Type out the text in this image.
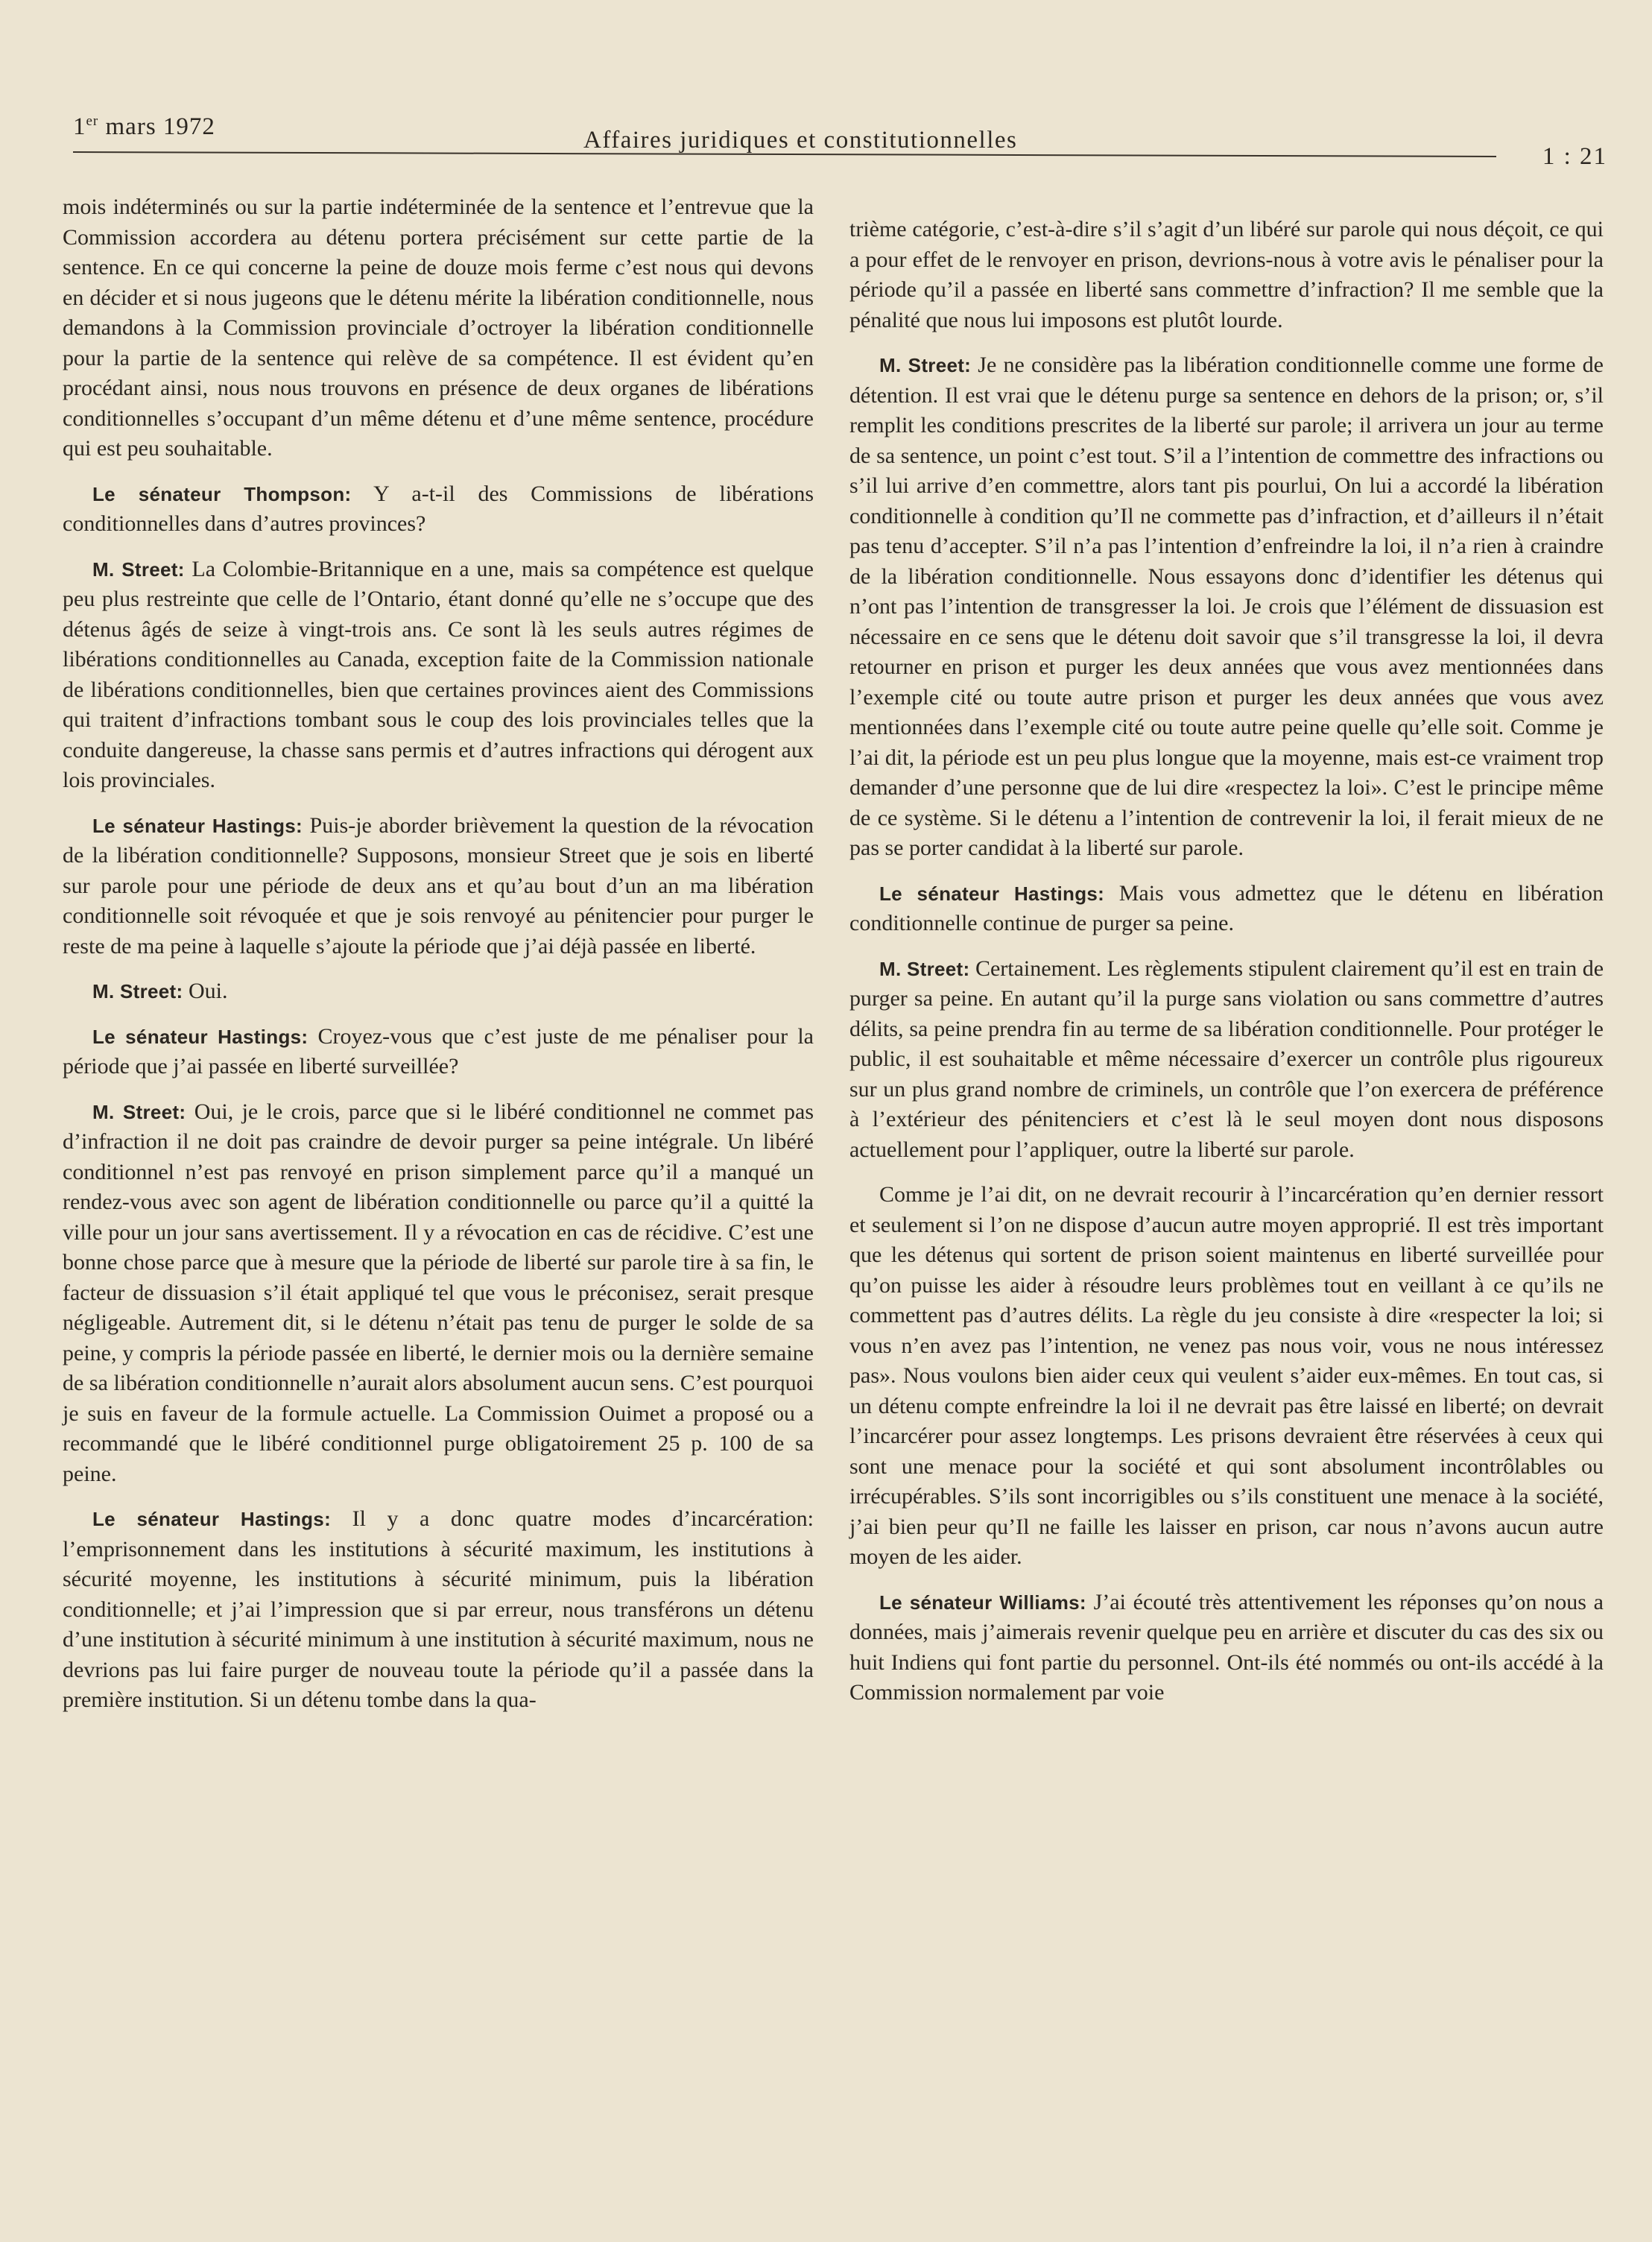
1er mars 1972	Affaires juridiques et constitutionnelles
1 : 21

mois indéterminés ou sur la partie indéterminée de la sentence et l’entrevue que la Commission accordera au détenu portera précisément sur cette partie de la sentence. En ce qui concerne la peine de douze mois ferme c’est nous qui devons en décider et si nous jugeons que le détenu mérite la libération conditionnelle, nous demandons à la Commission provinciale d’octroyer la libération conditionnelle pour la partie de la sentence qui relève de sa compétence. Il est évident qu’en procédant ainsi, nous nous trouvons en présence de deux organes de libérations conditionnelles s’occupant d’un même détenu et d’une même sentence, procédure qui est peu souhaitable.

Le sénateur Thompson: Y a-t-il des Commissions de libérations conditionnelles dans d’autres provinces?

M. Street: La Colombie-Britannique en a une, mais sa compétence est quelque peu plus restreinte que celle de l’Ontario, étant donné qu’elle ne s’occupe que des détenus âgés de seize à vingt-trois ans. Ce sont là les seuls autres régimes de libérations conditionnelles au Canada, exception faite de la Commission nationale de libérations conditionnelles, bien que certaines provinces aient des Commissions qui traitent d’infractions tombant sous le coup des lois provinciales telles que la conduite dangereuse, la chasse sans permis et d’autres infractions qui dérogent aux lois provinciales.

Le sénateur Hastings: Puis-je aborder brièvement la question de la révocation de la libération conditionnelle? Supposons, monsieur Street que je sois en liberté sur parole pour une période de deux ans et qu’au bout d’un an ma libération conditionnelle soit révoquée et que je sois renvoyé au pénitencier pour purger le reste de ma peine à laquelle s’ajoute la période que j’ai déjà passée en liberté.

M. Street: Oui.

Le sénateur Hastings: Croyez-vous que c’est juste de me pénaliser pour la période que j’ai passée en liberté surveillée?

M. Street: Oui, je le crois, parce que si le libéré conditionnel ne commet pas d’infraction il ne doit pas craindre de devoir purger sa peine intégrale. Un libéré conditionnel n’est pas renvoyé en prison simplement parce qu’il a manqué un rendez-vous avec son agent de libération conditionnelle ou parce qu’il a quitté la ville pour un jour sans avertissement. Il y a révocation en cas de récidive. C’est une bonne chose parce que à mesure que la période de liberté sur parole tire à sa fin, le facteur de dissuasion s’il était appliqué tel que vous le préconisez, serait presque négligeable. Autrement dit, si le détenu n’était pas tenu de purger le solde de sa peine, y compris la période passée en liberté, le dernier mois ou la dernière semaine de sa libération conditionnelle n’aurait alors absolument aucun sens. C’est pourquoi je suis en faveur de la formule actuelle. La Commission Ouimet a proposé ou a recommandé que le libéré conditionnel purge obligatoirement 25 p. 100 de sa peine.

Le sénateur Hastings: Il y a donc quatre modes d’incarcération: l’emprisonnement dans les institutions à sécurité maximum, les institutions à sécurité moyenne, les institutions à sécurité minimum, puis la libération conditionnelle; et j’ai l’impression que si par erreur, nous transférons un détenu d’une institution à sécurité minimum à une institution à sécurité maximum, nous ne devrions pas lui faire purger de nouveau toute la période qu’il a passée dans la première institution. Si un détenu tombe dans la qua-

trième catégorie, c’est-à-dire s’il s’agit d’un libéré sur parole qui nous déçoit, ce qui a pour effet de le renvoyer en prison, devrions-nous à votre avis le pénaliser pour la période qu’il a passée en liberté sans commettre d’infraction? Il me semble que la pénalité que nous lui imposons est plutôt lourde.

M. Street: Je ne considère pas la libération conditionnelle comme une forme de détention. Il est vrai que le détenu purge sa sentence en dehors de la prison; or, s’il remplit les conditions prescrites de la liberté sur parole; il arrivera un jour au terme de sa sentence, un point c’est tout. S’il a l’intention de commettre des infractions ou s’il lui arrive d’en commettre, alors tant pis pourlui, On lui a accordé la libération conditionnelle à condition qu’Il ne commette pas d’infraction, et d’ailleurs il n’était pas tenu d’accepter. S’il n’a pas l’intention d’enfreindre la loi, il n’a rien à craindre de la libération conditionnelle. Nous essayons donc d’identifier les détenus qui n’ont pas l’intention de transgresser la loi. Je crois que l’élément de dissuasion est nécessaire en ce sens que le détenu doit savoir que s’il transgresse la loi, il devra retourner en prison et purger les deux années que vous avez mentionnées dans l’exemple cité ou toute autre prison et purger les deux années que vous avez mentionnées dans l’exemple cité ou toute autre peine quelle qu’elle soit. Comme je l’ai dit, la période est un peu plus longue que la moyenne, mais est-ce vraiment trop demander d’une personne que de lui dire «respectez la loi». C’est le principe même de ce système. Si le détenu a l’intention de contrevenir la loi, il ferait mieux de ne pas se porter candidat à la liberté sur parole.

Le sénateur Hastings: Mais vous admettez que le détenu en libération conditionnelle continue de purger sa peine.

M. Street: Certainement. Les règlements stipulent clairement qu’il est en train de purger sa peine. En autant qu’il la purge sans violation ou sans commettre d’autres délits, sa peine prendra fin au terme de sa libération conditionnelle. Pour protéger le public, il est souhaitable et même nécessaire d’exercer un contrôle plus rigoureux sur un plus grand nombre de criminels, un contrôle que l’on exercera de préférence à l’extérieur des pénitenciers et c’est là le seul moyen dont nous disposons actuellement pour l’appliquer, outre la liberté sur parole.

Comme je l’ai dit, on ne devrait recourir à l’incarcération qu’en dernier ressort et seulement si l’on ne dispose d’aucun autre moyen approprié. Il est très important que les détenus qui sortent de prison soient maintenus en liberté surveillée pour qu’on puisse les aider à résoudre leurs problèmes tout en veillant à ce qu’ils ne commettent pas d’autres délits. La règle du jeu consiste à dire «respecter la loi; si vous n’en avez pas l’intention, ne venez pas nous voir, vous ne nous intéressez pas». Nous voulons bien aider ceux qui veulent s’aider eux-mêmes. En tout cas, si un détenu compte enfreindre la loi il ne devrait pas être laissé en liberté; on devrait l’incarcérer pour assez longtemps. Les prisons devraient être réservées à ceux qui sont une menace pour la société et qui sont absolument incontrôlables ou irrécupérables. S’ils sont incorrigibles ou s’ils constituent une menace à la société, j’ai bien peur qu’Il ne faille les laisser en prison, car nous n’avons aucun autre moyen de les aider.

Le sénateur Williams: J’ai écouté très attentivement les réponses qu’on nous a données, mais j’aimerais revenir quelque peu en arrière et discuter du cas des six ou huit Indiens qui font partie du personnel. Ont-ils été nommés ou ont-ils accédé à la Commission normalement par voie
